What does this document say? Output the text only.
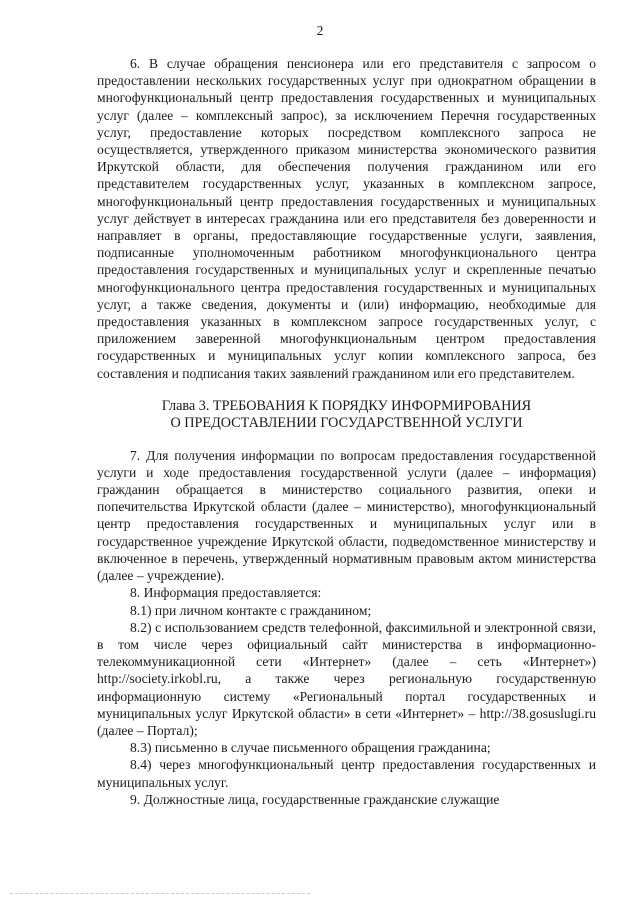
2

6. В случае обращения пенсионера или его представителя с запросом о предоставлении нескольких государственных услуг при однократном обращении в многофункциональный центр предоставления государственных и муниципальных услуг (далее – комплексный запрос), за исключением Перечня государственных услуг, предоставление которых посредством комплексного запроса не осуществляется, утвержденного приказом министерства экономического развития Иркутской области, для обеспечения получения гражданином или его представителем государственных услуг, указанных в комплексном запросе, многофункциональный центр предоставления государственных и муниципальных услуг действует в интересах гражданина или его представителя без доверенности и направляет в органы, предоставляющие государственные услуги, заявления, подписанные уполномоченным работником многофункционального центра предоставления государственных и муниципальных услуг и скрепленные печатью многофункционального центра предоставления государственных и муниципальных услуг, а также сведения, документы и (или) информацию, необходимые для предоставления указанных в комплексном запросе государственных услуг, с приложением заверенной многофункциональным центром предоставления государственных и муниципальных услуг копии комплексного запроса, без составления и подписания таких заявлений гражданином или его представителем.

Глава 3. ТРЕБОВАНИЯ К ПОРЯДКУ ИНФОРМИРОВАНИЯ
О ПРЕДОСТАВЛЕНИИ ГОСУДАРСТВЕННОЙ УСЛУГИ

7. Для получения информации по вопросам предоставления государственной услуги и ходе предоставления государственной услуги (далее – информация) гражданин обращается в министерство социального развития, опеки и попечительства Иркутской области (далее – министерство), многофункциональный центр предоставления государственных и муниципальных услуг или в государственное учреждение Иркутской области, подведомственное министерству и включенное в перечень, утвержденный нормативным правовым актом министерства (далее – учреждение).

8. Информация предоставляется:

8.1) при личном контакте с гражданином;

8.2) с использованием средств телефонной, факсимильной и электронной связи, в том числе через официальный сайт министерства в информационно-телекоммуникационной сети «Интернет» (далее – сеть «Интернет») http://society.irkobl.ru, а также через региональную государственную информационную систему «Региональный портал государственных и муниципальных услуг Иркутской области» в сети «Интернет» – http://38.gosuslugi.ru (далее – Портал);

8.3) письменно в случае письменного обращения гражданина;

8.4) через многофункциональный центр предоставления государственных и муниципальных услуг.

9. Должностные лица, государственные гражданские служащие
